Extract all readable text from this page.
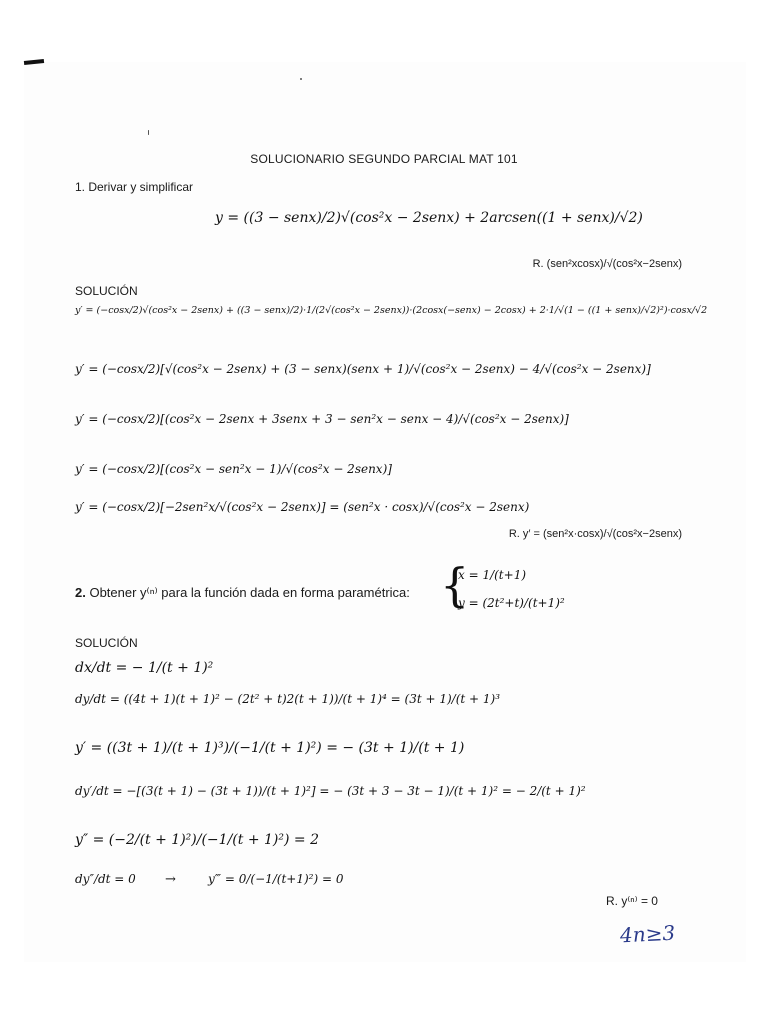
SOLUCIONARIO SEGUNDO PARCIAL MAT 101
1. Derivar y simplificar
y = ((3 − senx)/2)√(cos²x − 2senx) + 2arcsen((1 + senx)/√2)
R. (sen²xcosx)/√(cos²x−2senx)
SOLUCIÓN
y′ = (−cosx/2)√(cos²x − 2senx) + ((3 − senx)/2)·1/(2√(cos²x − 2senx))·(2cosx(−senx) − 2cosx) + 2·1/√(1 − ((1 + senx)/√2)²)·cosx/√2
y′ = (−cosx/2)[√(cos²x − 2senx) + (3 − senx)(senx + 1)/√(cos²x − 2senx) − 4/√(cos²x − 2senx)]
y′ = (−cosx/2)[(cos²x − 2senx + 3senx + 3 − sen²x − senx − 4)/√(cos²x − 2senx)]
y′ = (−cosx/2)[(cos²x − sen²x − 1)/√(cos²x − 2senx)]
y′ = (−cosx/2)[−2sen²x/√(cos²x − 2senx)] = (sen²x · cosx)/√(cos²x − 2senx)
R. y′ = (sen²x·cosx)/√(cos²x−2senx)
2. Obtener y⁽ⁿ⁾ para la función dada en forma paramétrica: {
x = 1/(t+1)
y = (2t²+t)/(t+1)²
SOLUCIÓN
dx/dt = − 1/(t + 1)²
dy/dt = ((4t + 1)(t + 1)² − (2t² + t)2(t + 1))/(t + 1)⁴ = (3t + 1)/(t + 1)³
y′ = ((3t + 1)/(t + 1)³)/(−1/(t + 1)²) = − (3t + 1)/(t + 1)
dy′/dt = −[(3(t + 1) − (3t + 1))/(t + 1)²] = − (3t + 3 − 3t − 1)/(t + 1)² = − 2/(t + 1)²
y″ = (−2/(t + 1)²)/(−1/(t + 1)²) = 2
dy″/dt = 0 →	y‴ = 0/(−1/(t+1)²) = 0
R. y⁽ⁿ⁾ = 0
4n≥3
